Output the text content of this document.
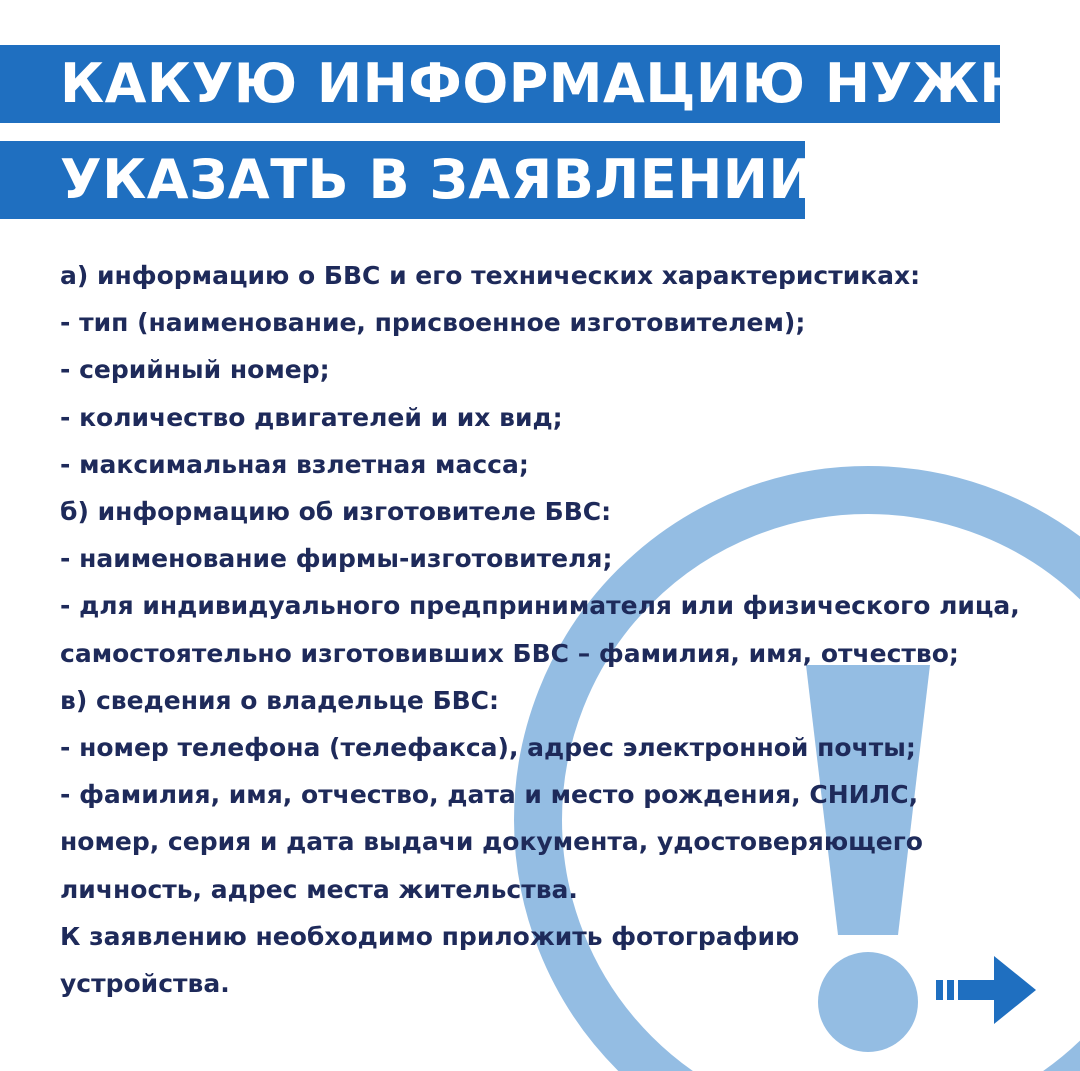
КАКУЮ ИНФОРМАЦИЮ НУЖНО
УКАЗАТЬ В ЗАЯВЛЕНИИ?
а) информацию о БВС и его технических характеристиках:
- тип (наименование, присвоенное изготовителем);
- серийный номер;
- количество двигателей и их вид;
- максимальная взлетная масса;
б) информацию об изготовителе БВС:
- наименование фирмы-изготовителя;
- для индивидуального предпринимателя или физического лица,
самостоятельно изготовивших БВС – фамилия, имя, отчество;
в) сведения о владельце БВС:
- номер телефона (телефакса), адрес электронной почты;
- фамилия, имя, отчество, дата и место рождения, СНИЛС,
номер, серия и дата выдачи документа, удостоверяющего
личность, адрес места жительства.
К заявлению необходимо приложить фотографию
устройства.
